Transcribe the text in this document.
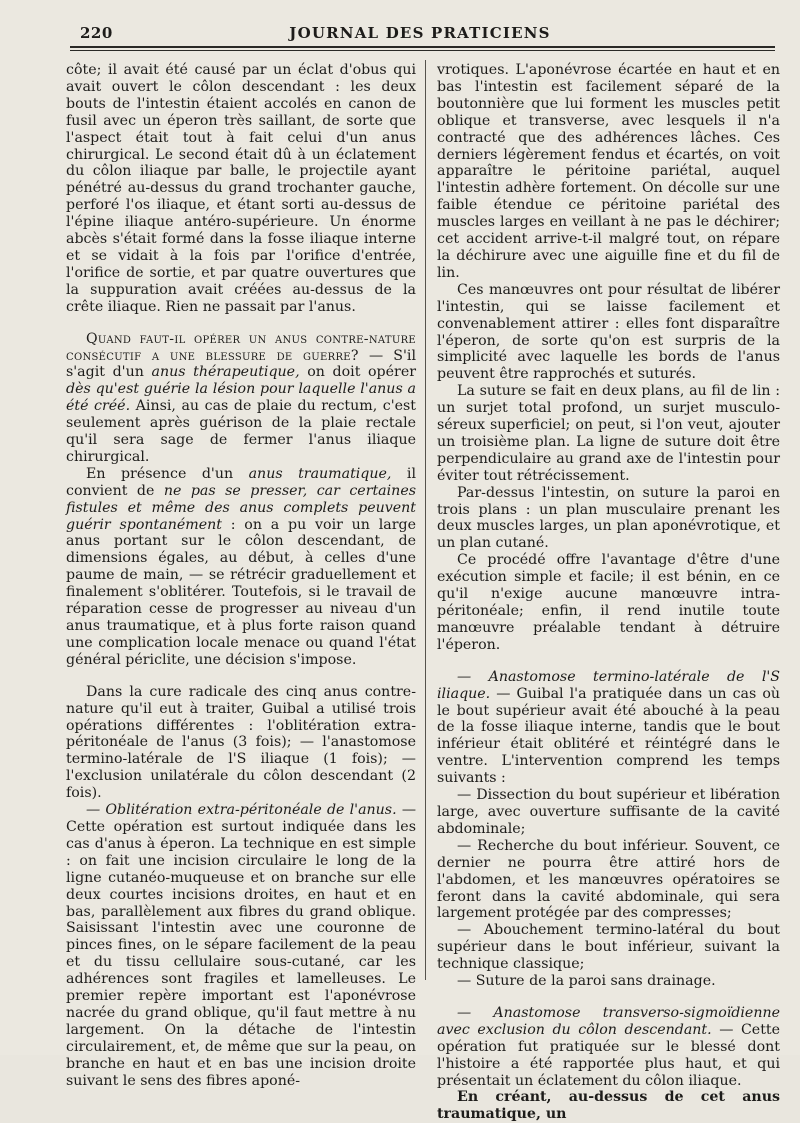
220	JOURNAL DES PRATICIENS

côte; il avait été causé par un éclat d'obus qui avait ouvert le côlon descendant : les deux bouts de l'intestin étaient accolés en canon de fusil avec un éperon très saillant, de sorte que l'aspect était tout à fait celui d'un anus chirurgical. Le second était dû à un éclatement du côlon iliaque par balle, le projectile ayant pénétré au-dessus du grand trochanter gauche, perforé l'os iliaque, et étant sorti au-dessus de l'épine iliaque antéro-supérieure. Un énorme abcès s'était formé dans la fosse iliaque interne et se vidait à la fois par l'orifice d'entrée, l'orifice de sortie, et par quatre ouvertures que la suppuration avait créées au-dessus de la crête iliaque. Rien ne passait par l'anus.

Quand faut-il opérer un anus contre-nature consécutif a une blessure de guerre? — S'il s'agit d'un anus thérapeutique, on doit opérer dès qu'est guérie la lésion pour laquelle l'anus a été créé. Ainsi, au cas de plaie du rectum, c'est seulement après guérison de la plaie rectale qu'il sera sage de fermer l'anus iliaque chirurgical.

En présence d'un anus traumatique, il convient de ne pas se presser, car certaines fistules et même des anus complets peuvent guérir spontanément : on a pu voir un large anus portant sur le côlon descendant, de dimensions égales, au début, à celles d'une paume de main, — se rétrécir graduellement et finalement s'oblitérer. Toutefois, si le travail de réparation cesse de progresser au niveau d'un anus traumatique, et à plus forte raison quand une complication locale menace ou quand l'état général périclite, une décision s'impose.

Dans la cure radicale des cinq anus contre-nature qu'il eut à traiter, Guibal a utilisé trois opérations différentes : l'oblitération extra-péritonéale de l'anus (3 fois); — l'anastomose termino-latérale de l'S iliaque (1 fois); — l'exclusion unilatérale du côlon descendant (2 fois).

— Oblitération extra-péritonéale de l'anus. — Cette opération est surtout indiquée dans les cas d'anus à éperon. La technique en est simple : on fait une incision circulaire le long de la ligne cutanéo-muqueuse et on branche sur elle deux courtes incisions droites, en haut et en bas, parallèlement aux fibres du grand oblique. Saisissant l'intestin avec une couronne de pinces fines, on le sépare facilement de la peau et du tissu cellulaire sous-cutané, car les adhérences sont fragiles et lamelleuses. Le premier repère important est l'aponévrose nacrée du grand oblique, qu'il faut mettre à nu largement. On la détache de l'intestin circulairement, et, de même que sur la peau, on branche en haut et en bas une incision droite suivant le sens des fibres aponé-

vrotiques. L'aponévrose écartée en haut et en bas l'intestin est facilement séparé de la boutonnière que lui forment les muscles petit oblique et transverse, avec lesquels il n'a contracté que des adhérences lâches. Ces derniers légèrement fendus et écartés, on voit apparaître le péritoine pariétal, auquel l'intestin adhère fortement. On décolle sur une faible étendue ce péritoine pariétal des muscles larges en veillant à ne pas le déchirer; cet accident arrive-t-il malgré tout, on répare la déchirure avec une aiguille fine et du fil de lin.

Ces manœuvres ont pour résultat de libérer l'intestin, qui se laisse facilement et convenablement attirer : elles font disparaître l'éperon, de sorte qu'on est surpris de la simplicité avec laquelle les bords de l'anus peuvent être rapprochés et suturés.

La suture se fait en deux plans, au fil de lin : un surjet total profond, un surjet musculo-séreux superficiel; on peut, si l'on veut, ajouter un troisième plan. La ligne de suture doit être perpendiculaire au grand axe de l'intestin pour éviter tout rétrécissement.

Par-dessus l'intestin, on suture la paroi en trois plans : un plan musculaire prenant les deux muscles larges, un plan aponévrotique, et un plan cutané.

Ce procédé offre l'avantage d'être d'une exécution simple et facile; il est bénin, en ce qu'il n'exige aucune manœuvre intra-péritonéale; enfin, il rend inutile toute manœuvre préalable tendant à détruire l'éperon.

— Anastomose termino-latérale de l'S iliaque. — Guibal l'a pratiquée dans un cas où le bout supérieur avait été abouché à la peau de la fosse iliaque interne, tandis que le bout inférieur était oblitéré et réintégré dans le ventre. L'intervention comprend les temps suivants :

— Dissection du bout supérieur et libération large, avec ouverture suffisante de la cavité abdominale;

— Recherche du bout inférieur. Souvent, ce dernier ne pourra être attiré hors de l'abdomen, et les manœuvres opératoires se feront dans la cavité abdominale, qui sera largement protégée par des compresses;

— Abouchement termino-latéral du bout supérieur dans le bout inférieur, suivant la technique classique;

— Suture de la paroi sans drainage.

— Anastomose transverso-sigmoïdienne avec exclusion du côlon descendant. — Cette opération fut pratiquée sur le blessé dont l'histoire a été rapportée plus haut, et qui présentait un éclatement du côlon iliaque.

En créant, au-dessus de cet anus traumatique, un
